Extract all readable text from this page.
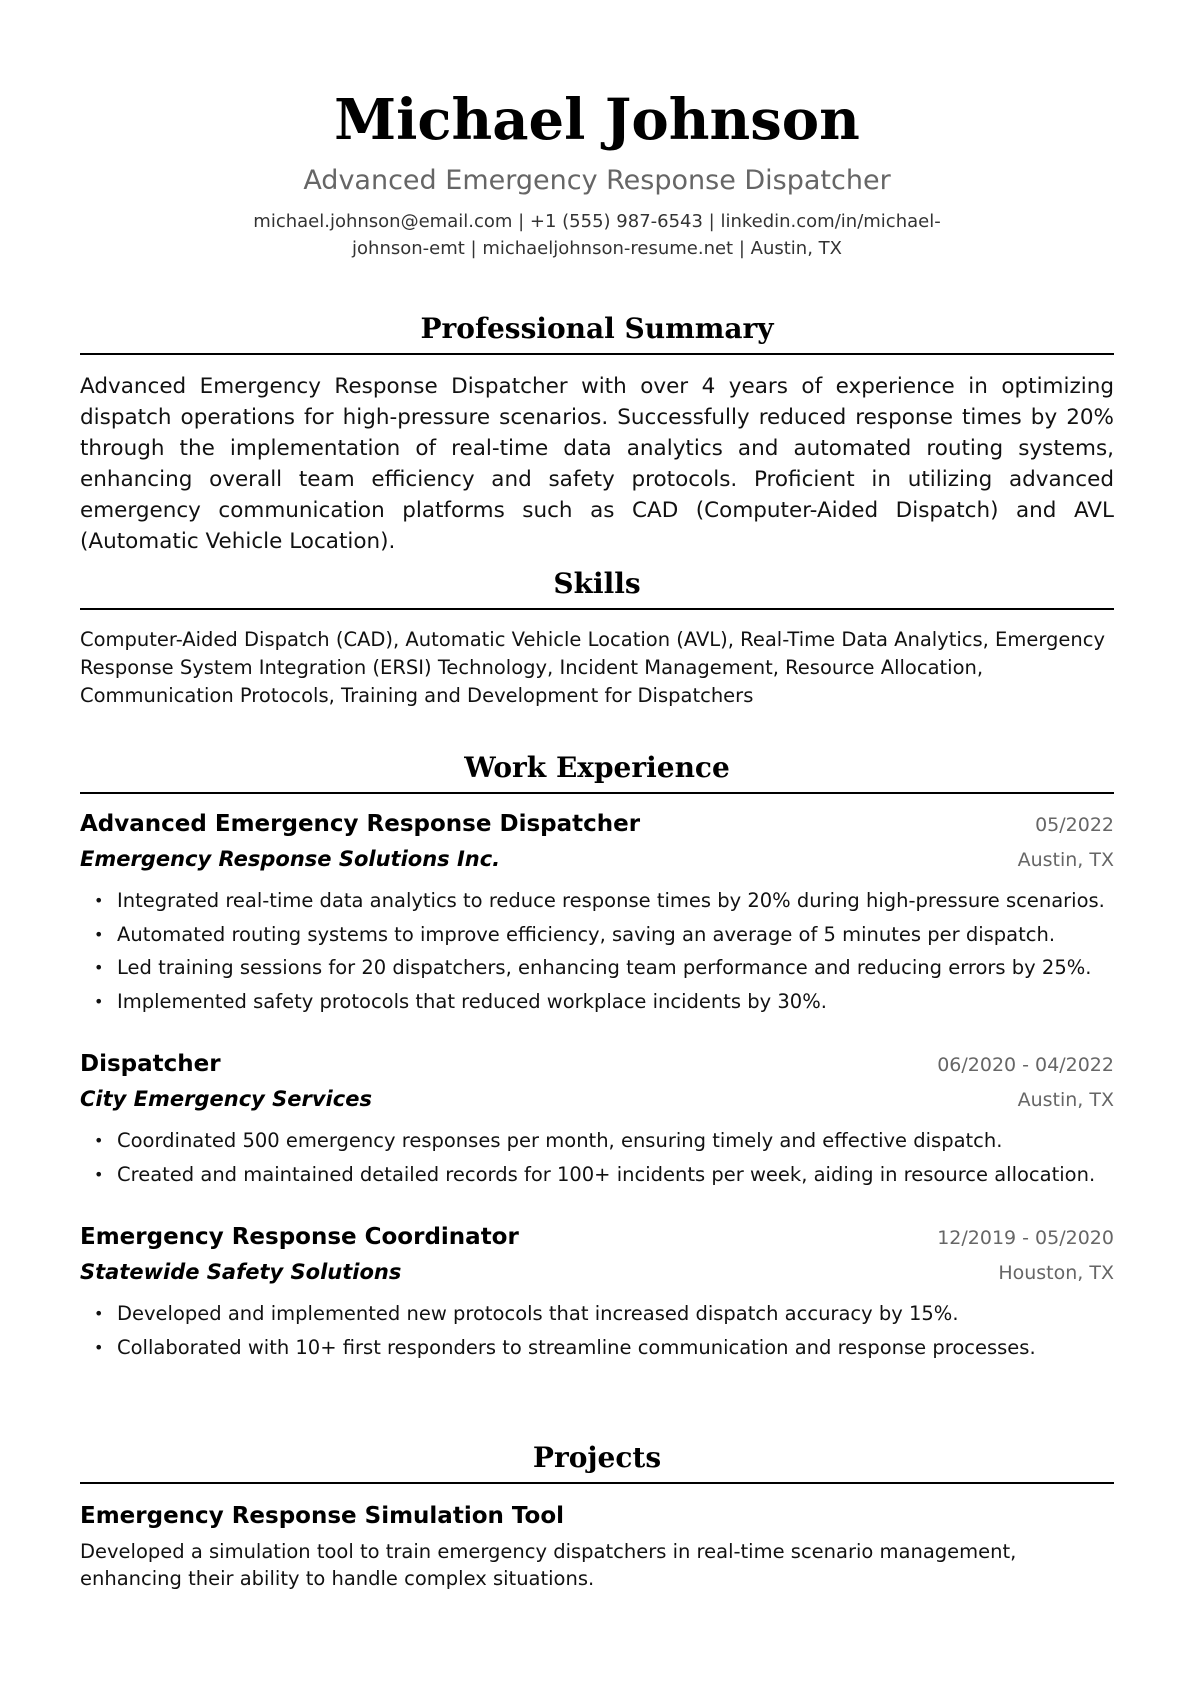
Michael Johnson
Advanced Emergency Response Dispatcher
michael.johnson@email.com | +1 (555) 987-6543 | linkedin.com/in/michael-johnson-emt | michaeljohnson-resume.net | Austin, TX
Professional Summary
Advanced Emergency Response Dispatcher with over 4 years of experience in optimizing dispatch operations for high-pressure scenarios. Successfully reduced response times by 20% through the implementation of real-time data analytics and automated routing systems, enhancing overall team efficiency and safety protocols. Proficient in utilizing advanced emergency communication platforms such as CAD (Computer-Aided Dispatch) and AVL (Automatic Vehicle Location).
Skills
Computer-Aided Dispatch (CAD), Automatic Vehicle Location (AVL), Real-Time Data Analytics, Emergency Response System Integration (ERSI) Technology, Incident Management, Resource Allocation, Communication Protocols, Training and Development for Dispatchers
Work Experience
Advanced Emergency Response Dispatcher	05/2022
Emergency Response Solutions Inc.	Austin, TX
• Integrated real-time data analytics to reduce response times by 20% during high-pressure scenarios.
• Automated routing systems to improve efficiency, saving an average of 5 minutes per dispatch.
• Led training sessions for 20 dispatchers, enhancing team performance and reducing errors by 25%.
• Implemented safety protocols that reduced workplace incidents by 30%.
Dispatcher	06/2020 - 04/2022
City Emergency Services	Austin, TX
• Coordinated 500 emergency responses per month, ensuring timely and effective dispatch.
• Created and maintained detailed records for 100+ incidents per week, aiding in resource allocation.
Emergency Response Coordinator	12/2019 - 05/2020
Statewide Safety Solutions	Houston, TX
• Developed and implemented new protocols that increased dispatch accuracy by 15%.
• Collaborated with 10+ first responders to streamline communication and response processes.
Projects
Emergency Response Simulation Tool
Developed a simulation tool to train emergency dispatchers in real-time scenario management, enhancing their ability to handle complex situations.
